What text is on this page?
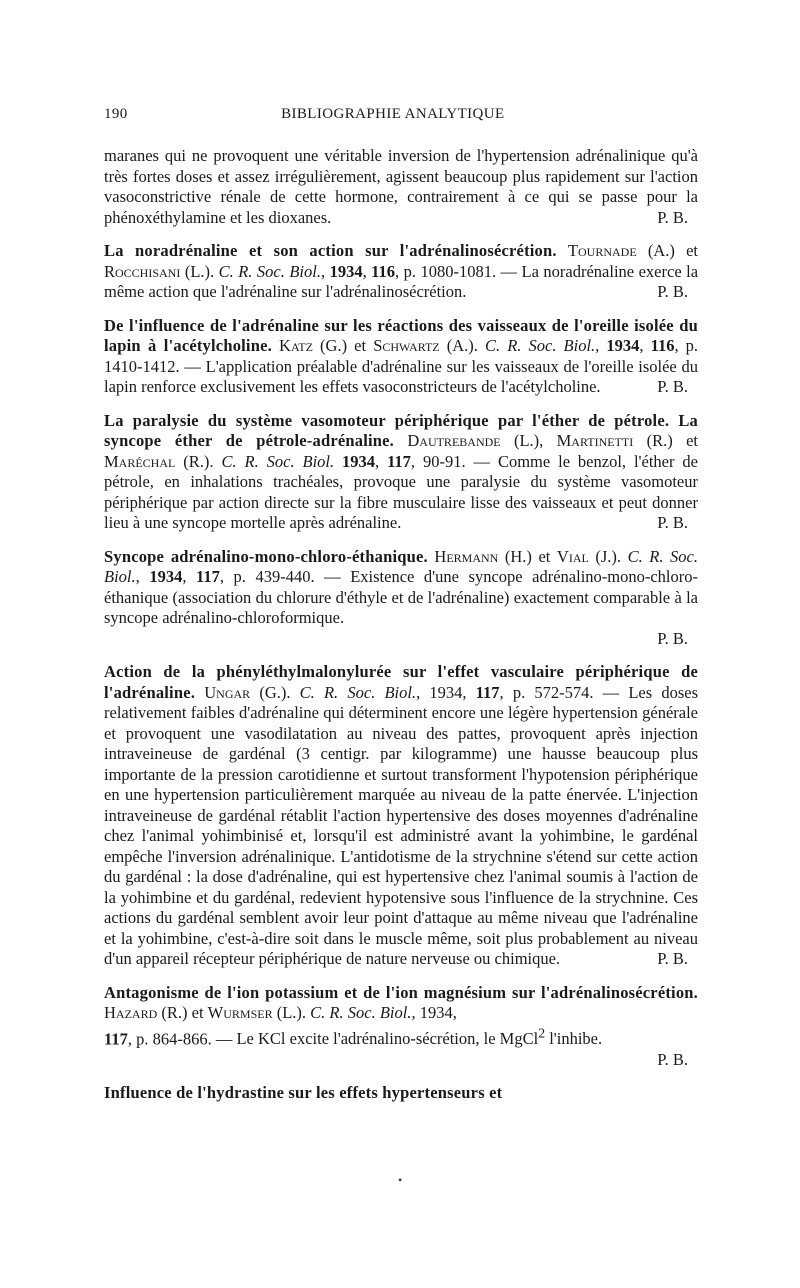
190	BIBLIOGRAPHIE ANALYTIQUE
maranes qui ne provoquent une véritable inversion de l'hypertension adrénalinique qu'à très fortes doses et assez irrégulièrement, agissent beaucoup plus rapidement sur l'action vasoconstrictive rénale de cette hormone, contrairement à ce qui se passe pour la phénoxéthylamine et les dioxanes.	P. B.
La noradrénaline et son action sur l'adrénalinosécrétion. Tournade (A.) et Rocchisani (L.). C. R. Soc. Biol., 1934, 116, p. 1080-1081. — La noradrénaline exerce la même action que l'adrénaline sur l'adrénalinosécrétion.	P. B.
De l'influence de l'adrénaline sur les réactions des vaisseaux de l'oreille isolée du lapin à l'acétylcholine. Katz (G.) et Schwartz (A.). C. R. Soc. Biol., 1934, 116, p. 1410-1412. — L'application préalable d'adrénaline sur les vaisseaux de l'oreille isolée du lapin renforce exclusivement les effets vasoconstricteurs de l'acétylcholine.	P. B.
La paralysie du système vasomoteur périphérique par l'éther de pétrole. La syncope éther de pétrole-adrénaline. Dautrebande (L.), Martinetti (R.) et Maréchal (R.). C. R. Soc. Biol. 1934, 117, 90-91. — Comme le benzol, l'éther de pétrole, en inhalations trachéales, provoque une paralysie du système vasomoteur périphérique par action directe sur la fibre musculaire lisse des vaisseaux et peut donner lieu à une syncope mortelle après adrénaline.	P. B.
Syncope adrénalino-mono-chloro-éthanique. Hermann (H.) et Vial (J.). C. R. Soc. Biol., 1934, 117, p. 439-440. — Existence d'une syncope adrénalino-mono-chloro-éthanique (association du chlorure d'éthyle et de l'adrénaline) exactement comparable à la syncope adrénalino-chloroformique.
P. B.
Action de la phényléthylmalonylurée sur l'effet vasculaire périphérique de l'adrénaline. Ungar (G.). C. R. Soc. Biol., 1934, 117, p. 572-574. — Les doses relativement faibles d'adrénaline qui déterminent encore une légère hypertension générale et provoquent une vasodilatation au niveau des pattes, provoquent après injection intraveineuse de gardénal (3 centigr. par kilogramme) une hausse beaucoup plus importante de la pression carotidienne et surtout transforment l'hypotension périphérique en une hypertension particulièrement marquée au niveau de la patte énervée. L'injection intraveineuse de gardénal rétablit l'action hypertensive des doses moyennes d'adrénaline chez l'animal yohimbinisé et, lorsqu'il est administré avant la yohimbine, le gardénal empêche l'inversion adrénalinique. L'antidotisme de la strychnine s'étend sur cette action du gardénal : la dose d'adrénaline, qui est hypertensive chez l'animal soumis à l'action de la yohimbine et du gardénal, redevient hypotensive sous l'influence de la strychnine. Ces actions du gardénal semblent avoir leur point d'attaque au même niveau que l'adrénaline et la yohimbine, c'est-à-dire soit dans le muscle même, soit plus probablement au niveau d'un appareil récepteur périphérique de nature nerveuse ou chimique.	P. B.
Antagonisme de l'ion potassium et de l'ion magnésium sur l'adrénalinosécrétion. Hazard (R.) et Wurmser (L.). C. R. Soc. Biol., 1934,
117, p. 864-866. — Le KCl excite l'adrénalino-sécrétion, le MgCl$^2$ l'inhibe.
P. B.
Influence de l'hydrastine sur les effets hypertenseurs et
•
